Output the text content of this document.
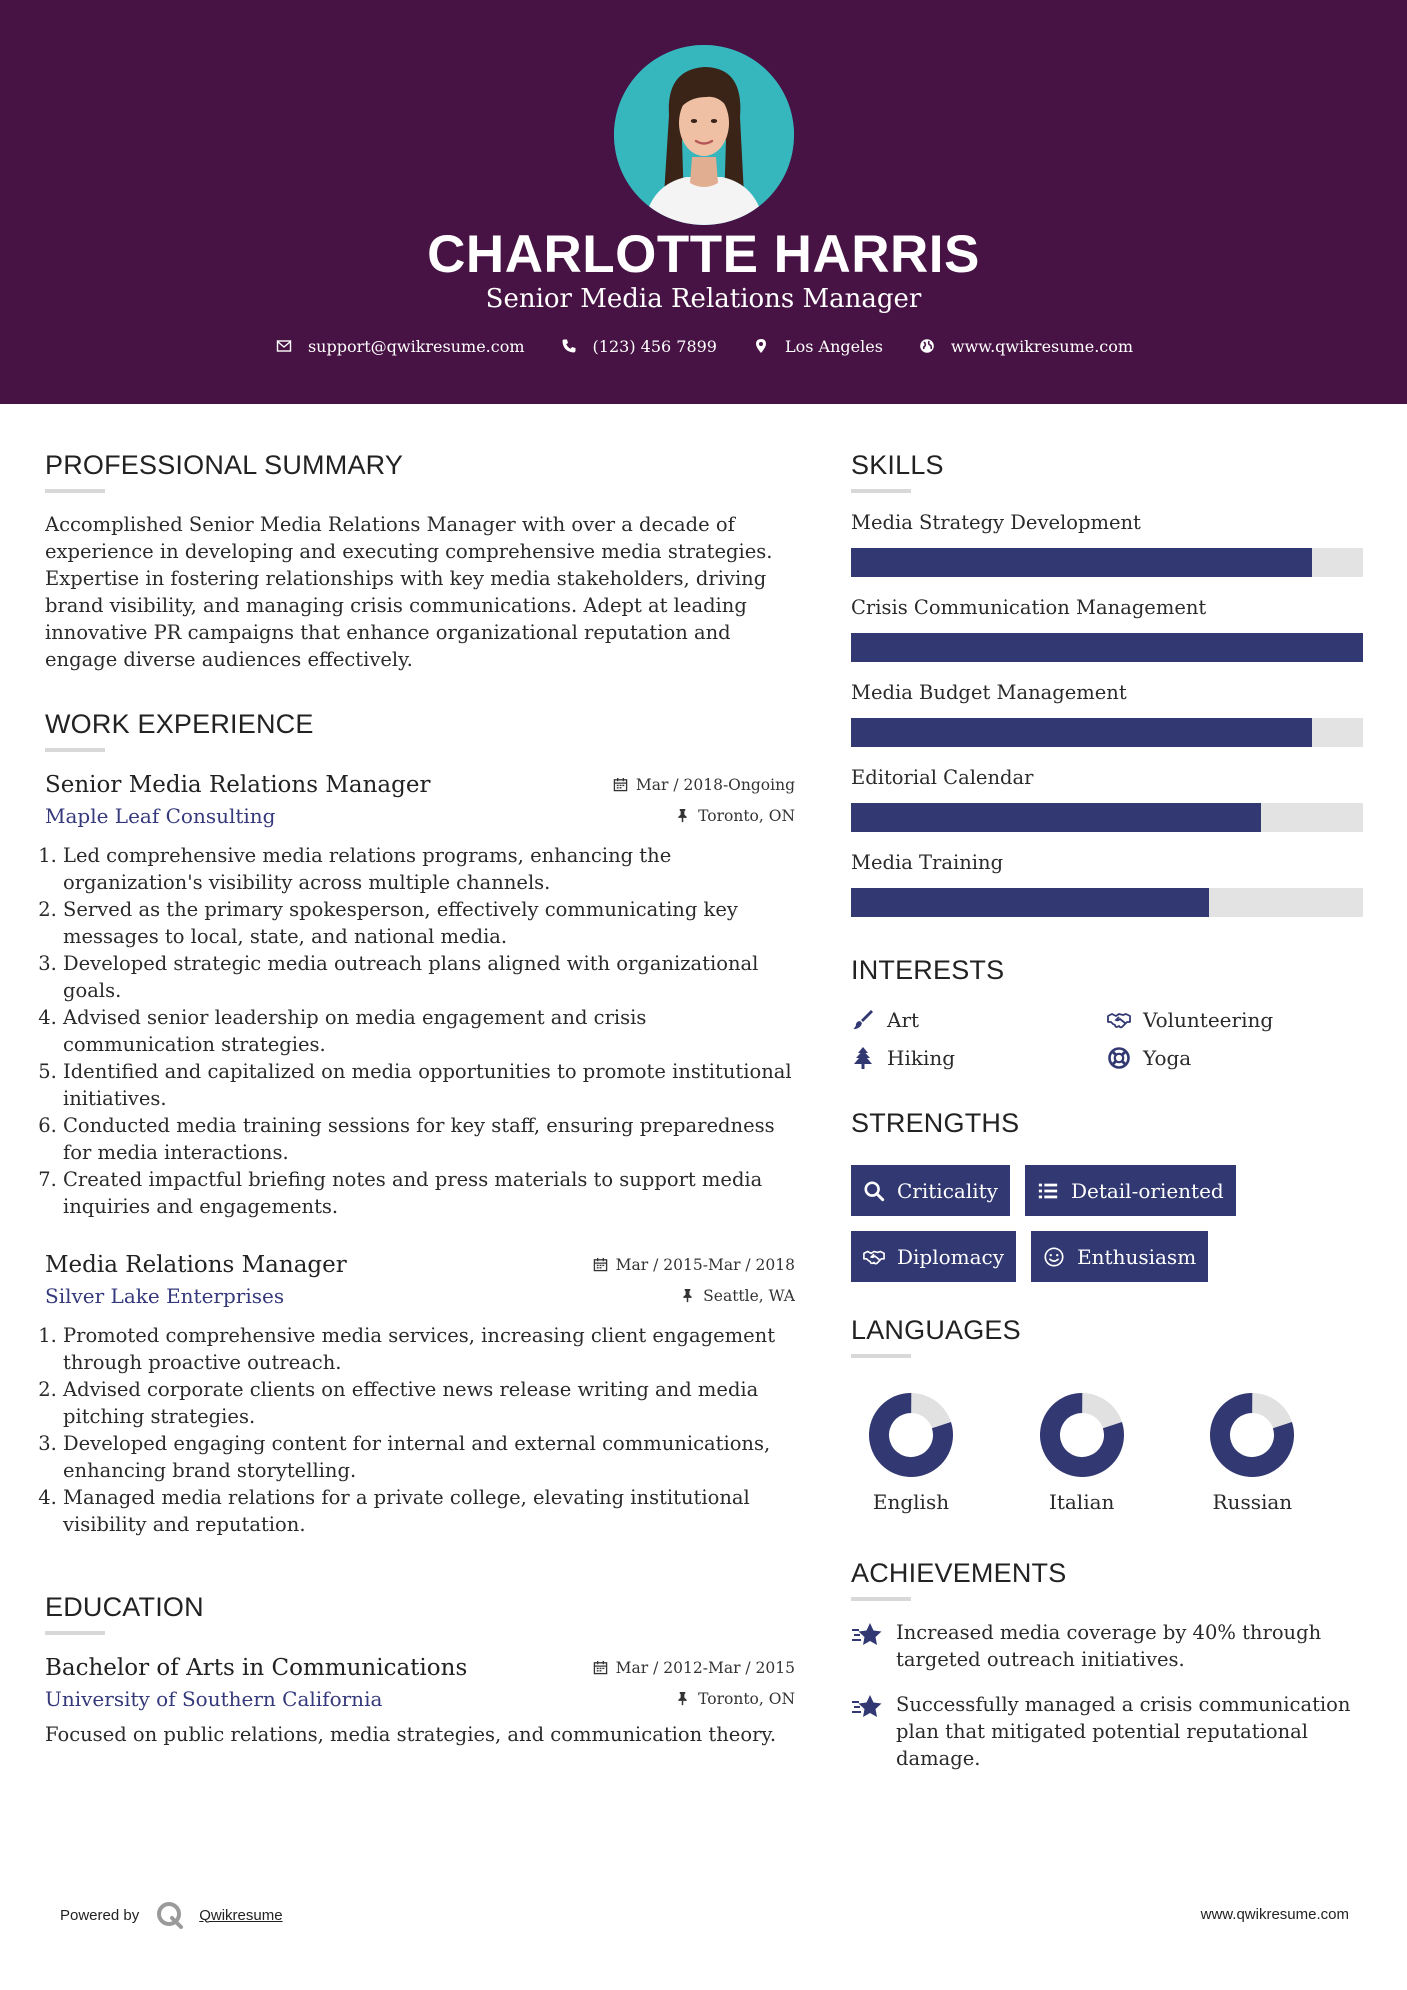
CHARLOTTE HARRIS
Senior Media Relations Manager
support@qwikresume.com	(123) 456 7899	Los Angeles	www.qwikresume.com
PROFESSIONAL SUMMARY

Accomplished Senior Media Relations Manager with over a decade of experience in developing and executing comprehensive media strategies. Expertise in fostering relationships with key media stakeholders, driving brand visibility, and managing crisis communications. Adept at leading innovative PR campaigns that enhance organizational reputation and engage diverse audiences effectively.

WORK EXPERIENCE
Senior Media Relations Manager	Mar / 2018-Ongoing
Maple Leaf Consulting	Toronto, ON
1. Led comprehensive media relations programs, enhancing the organization's visibility across multiple channels.
2. Served as the primary spokesperson, effectively communicating key messages to local, state, and national media.
3. Developed strategic media outreach plans aligned with organizational goals.
4. Advised senior leadership on media engagement and crisis communication strategies.
5. Identified and capitalized on media opportunities to promote institutional initiatives.
6. Conducted media training sessions for key staff, ensuring preparedness for media interactions.
7. Created impactful briefing notes and press materials to support media inquiries and engagements.
Media Relations Manager	Mar / 2015-Mar / 2018
Silver Lake Enterprises	Seattle, WA
1. Promoted comprehensive media services, increasing client engagement through proactive outreach.
2. Advised corporate clients on effective news release writing and media pitching strategies.
3. Developed engaging content for internal and external communications, enhancing brand storytelling.
4. Managed media relations for a private college, elevating institutional visibility and reputation.
EDUCATION
Bachelor of Arts in Communications	Mar / 2012-Mar / 2015
University of Southern California	Toronto, ON

Focused on public relations, media strategies, and communication theory.

SKILLS
Media Strategy Development
Crisis Communication Management
Media Budget Management
Editorial Calendar
Media Training
INTERESTS
Art	Volunteering
Hiking	Yoga
STRENGTHS
Criticality	Detail-oriented
Diplomacy	Enthusiasm
LANGUAGES
English	Italian	Russian
ACHIEVEMENTS
Increased media coverage by 40% through targeted outreach initiatives.
Successfully managed a crisis communication plan that mitigated potential reputational damage.
Powered by	Qwikresume	www.qwikresume.com
